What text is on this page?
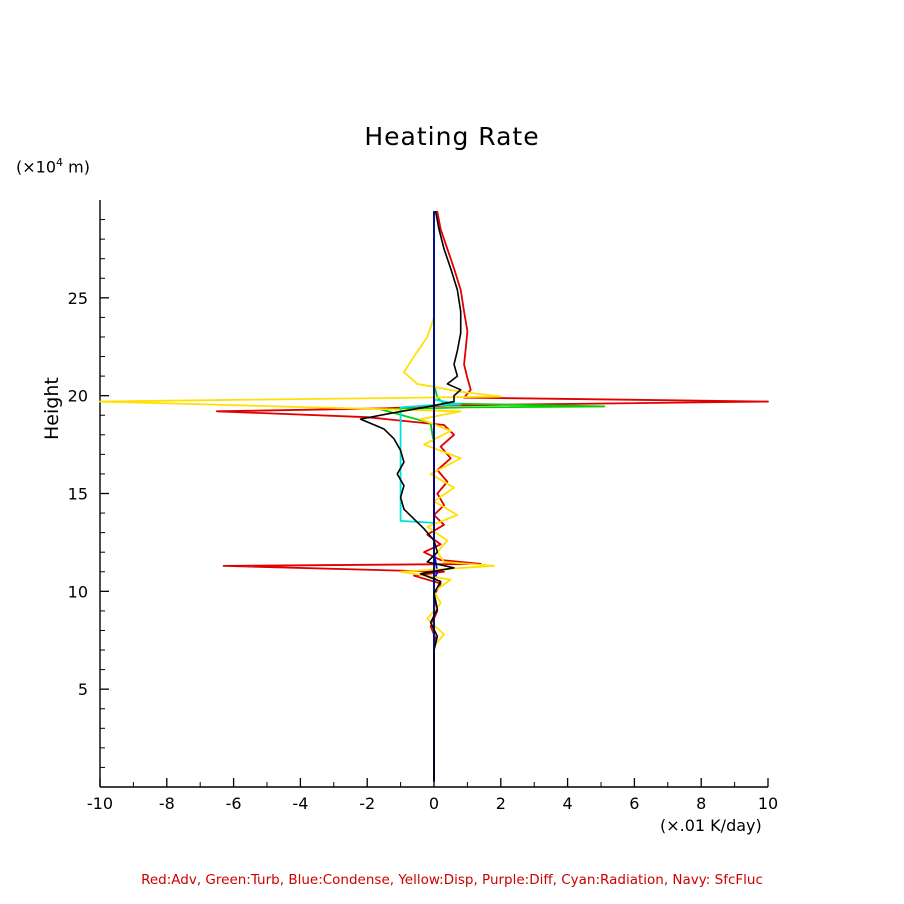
Heating Rate
($\times 10^4$ m)
Height
(×.01 K/day)
Red:Adv, Green:Turb, Blue:Condense, Yellow:Disp, Purple:Diff, Cyan:Radiation, Navy: SfcFluc
-10	-8	-6	-4	-2	0	2	4	6	8	10
5
10
15
20
25
